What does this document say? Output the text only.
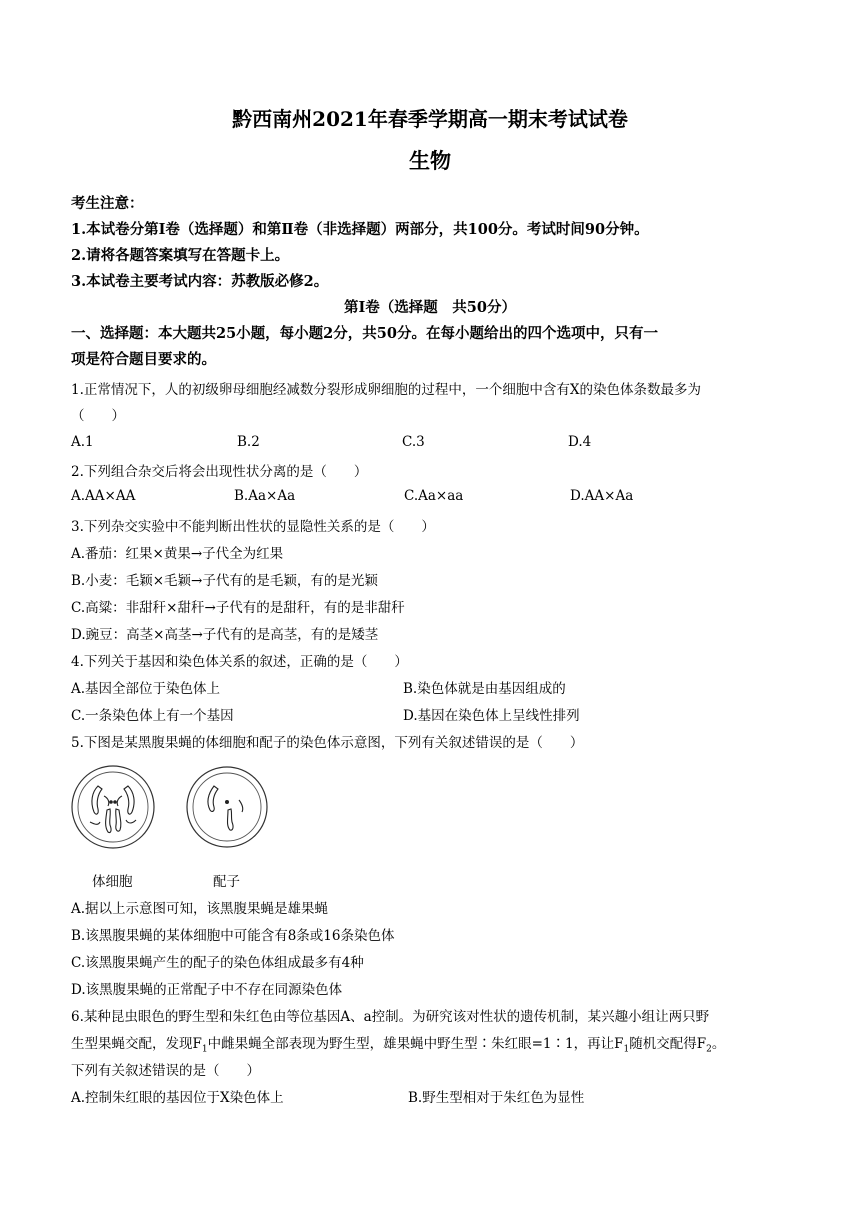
黔西南州2021年春季学期高一期末考试试卷
生物
考生注意：
1.本试卷分第Ⅰ卷（选择题）和第Ⅱ卷（非选择题）两部分，共100分。考试时间90分钟。
2.请将各题答案填写在答题卡上。
3.本试卷主要考试内容：苏教版必修2。
第Ⅰ卷（选择题　共50分）
一、选择题：本大题共25小题，每小题2分，共50分。在每小题给出的四个选项中，只有一
项是符合题目要求的。
1.正常情况下，人的初级卵母细胞经减数分裂形成卵细胞的过程中，一个细胞中含有X的染色体条数最多为
（　　）
A.1	B.2	C.3	D.4
2.下列组合杂交后将会出现性状分离的是（　　）
A.AA×AA	B.Aa×Aa	C.Aa×aa	D.AA×Aa
3.下列杂交实验中不能判断出性状的显隐性关系的是（　　）
A.番茄：红果×黄果→子代全为红果
B.小麦：毛颖×毛颖→子代有的是毛颖，有的是光颖
C.高粱：非甜秆×甜秆→子代有的是甜秆，有的是非甜秆
D.豌豆：高茎×高茎→子代有的是高茎，有的是矮茎
4.下列关于基因和染色体关系的叙述，正确的是（　　）
A.基因全部位于染色体上	B.染色体就是由基因组成的
C.一条染色体上有一个基因	D.基因在染色体上呈线性排列
5.下图是某黑腹果蝇的体细胞和配子的染色体示意图，下列有关叙述错误的是（　　）
体细胞	配子
A.据以上示意图可知，该黑腹果蝇是雄果蝇
B.该黑腹果蝇的某体细胞中可能含有8条或16条染色体
C.该黑腹果蝇产生的配子的染色体组成最多有4种
D.该黑腹果蝇的正常配子中不存在同源染色体
6.某种昆虫眼色的野生型和朱红色由等位基因A、a控制。为研究该对性状的遗传机制，某兴趣小组让两只野
生型果蝇交配，发现$F_1$中雌果蝇全部表现为野生型，雄果蝇中野生型∶朱红眼=1∶1，再让$F_1$随机交配得$F_2$。
下列有关叙述错误的是（　　）
A.控制朱红眼的基因位于X染色体上	B.野生型相对于朱红色为显性
